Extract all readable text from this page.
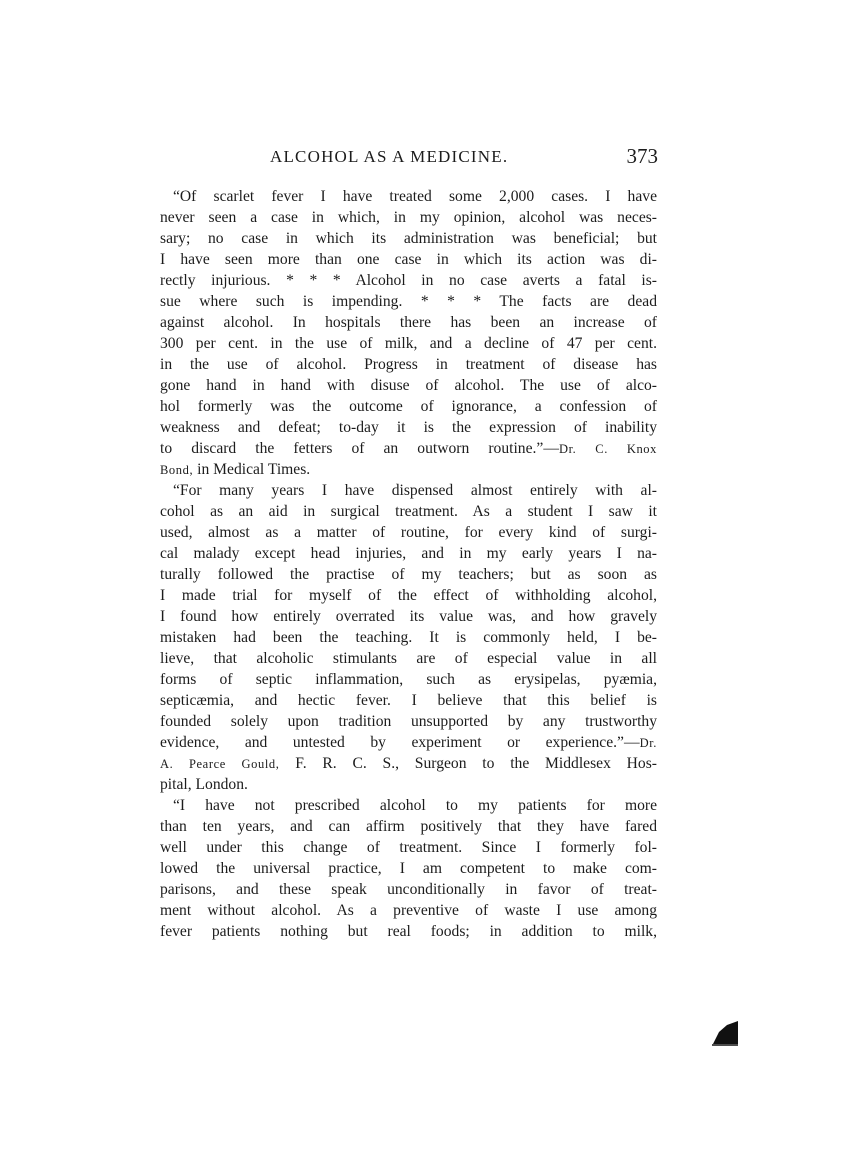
ALCOHOL AS A MEDICINE.	373
“Of scarlet fever I have treated some 2,000 cases. I have
never seen a case in which, in my opinion, alcohol was neces-
sary; no case in which its administration was beneficial; but
I have seen more than one case in which its action was di-
rectly injurious. * * * Alcohol in no case averts a fatal is-
sue where such is impending. * * * The facts are dead
against alcohol. In hospitals there has been an increase of
300 per cent. in the use of milk, and a decline of 47 per cent.
in the use of alcohol. Progress in treatment of disease has
gone hand in hand with disuse of alcohol. The use of alco-
hol formerly was the outcome of ignorance, a confession of
weakness and defeat; to-day it is the expression of inability
to discard the fetters of an outworn routine.”—Dr. C. Knox
Bond, in Medical Times.
“For many years I have dispensed almost entirely with al-
cohol as an aid in surgical treatment. As a student I saw it
used, almost as a matter of routine, for every kind of surgi-
cal malady except head injuries, and in my early years I na-
turally followed the practise of my teachers; but as soon as
I made trial for myself of the effect of withholding alcohol,
I found how entirely overrated its value was, and how gravely
mistaken had been the teaching. It is commonly held, I be-
lieve, that alcoholic stimulants are of especial value in all
forms of septic inflammation, such as erysipelas, pyæmia,
septicæmia, and hectic fever. I believe that this belief is
founded solely upon tradition unsupported by any trustworthy
evidence, and untested by experiment or experience.”—Dr.
A. Pearce Gould, F. R. C. S., Surgeon to the Middlesex Hos-
pital, London.
“I have not prescribed alcohol to my patients for more
than ten years, and can affirm positively that they have fared
well under this change of treatment. Since I formerly fol-
lowed the universal practice, I am competent to make com-
parisons, and these speak unconditionally in favor of treat-
ment without alcohol. As a preventive of waste I use among
fever patients nothing but real foods; in addition to milk,
